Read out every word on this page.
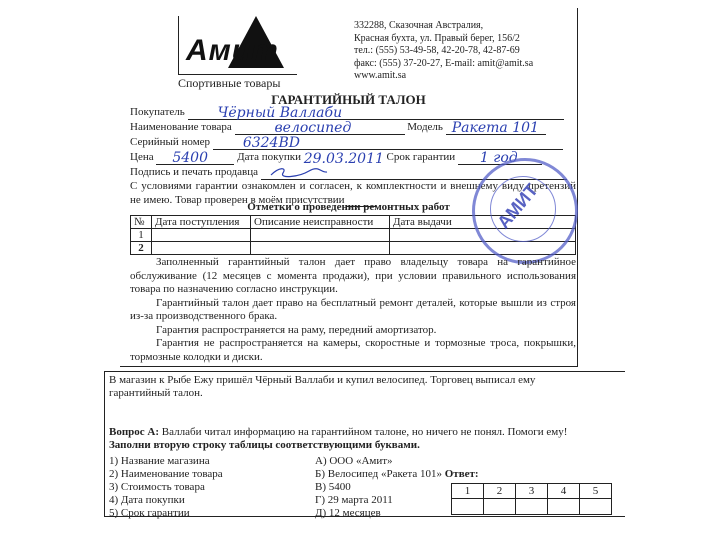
Амит
Спортивные товары
332288, Сказочная Австралия,
Красная бухта, ул. Правый берег, 156/2
тел.: (555) 53-49-58, 42-20-78, 42-87-69
факс: (555) 37-20-27, E-mail: amit@amit.sa
www.amit.sa
ГАРАНТИЙНЫЙ ТАЛОН
Покупатель Чёрный Валлаби
Наименование товара	велосипед	Модель Ракета 101
Серийный номер 6324BD
Цена 5400	Дата покупки 29.03.2011 Срок гарантии 1 год
Подпись и печать продавца
С условиями гарантии ознакомлен и согласен, к комплектности и внешнему виду претензий не имею. Товар проверен в моём присутствии
Отметки о проведении ремонтных работ
№	Дата поступления	Описание неисправности	Дата выдачи
1			
2			
АМИТ

Заполненный гарантийный талон дает право владельцу товара на гарантийное обслуживание (12 месяцев с момента продажи), при условии правильного использования товара по назначению согласно инструкции.

Гарантийный талон дает право на бесплатный ремонт деталей, которые вышли из строя из-за производственного брака.

Гарантия распространяется на раму, передний амортизатор.

Гарантия не распространяется на камеры, скоростные и тормозные троса, покрышки, тормозные колодки и диски.

В магазин к Рыбе Ежу пришёл Чёрный Валлаби и купил велосипед. Торговец выписал ему гарантийный талон.
Вопрос А: Валлаби читал информацию на гарантийном талоне, но ничего не понял. Помоги ему! Заполни вторую строку таблицы соответствующими буквами.
1) Название магазина
2) Наименование товара
3) Стоимость товара
4) Дата покупки
5) Срок гарантии
А) ООО «Амит»
Б) Велосипед «Ракета 101» Ответ:
В) 5400
Г) 29 марта 2011
Д) 12 месяцев
1	2	3	4	5
